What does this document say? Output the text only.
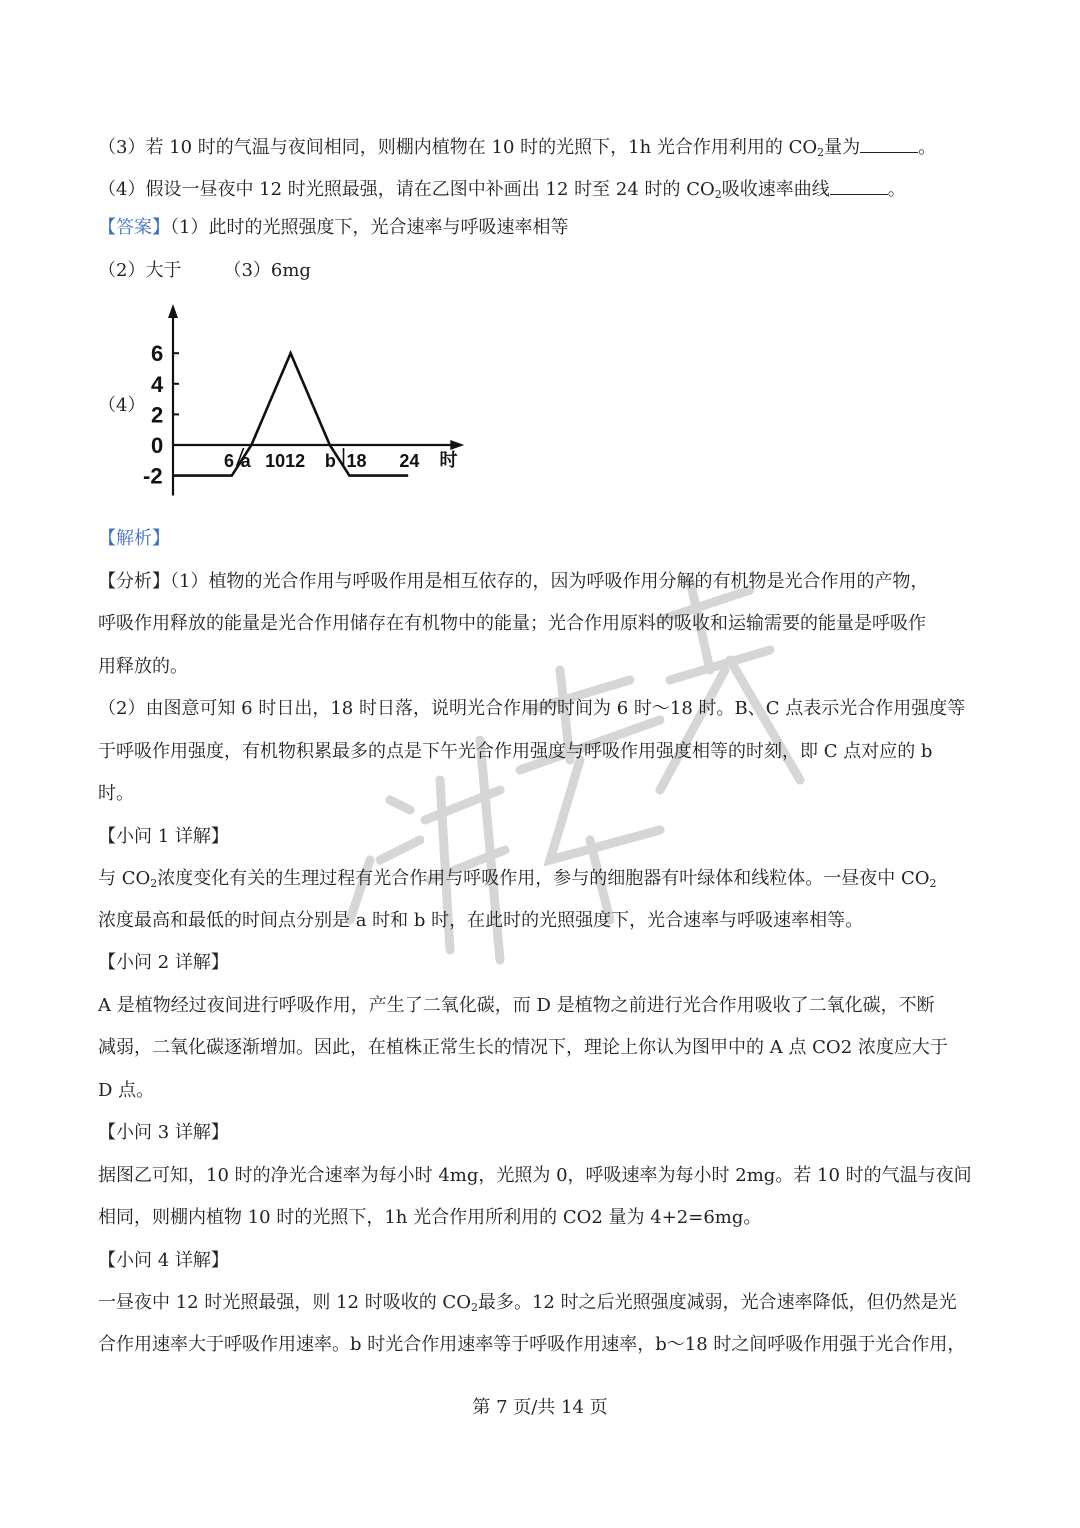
（3）若 10 时的气温与夜间相同，则棚内植物在 10 时的光照下，1h 光合作用利用的 $CO_2$量为	。
（4）假设一昼夜中 12 时光照最强，请在乙图中补画出 12 时至 24 时的 $CO_2$吸收速率曲线	。
【答案】（1）此时的光照强度下，光合速率与呼吸速率相等
（2）大于 （3）6mg
（4）
6
4
2
0
-2
6 a 1012 b 18 24 时
【解析】
【分析】（1）植物的光合作用与呼吸作用是相互依存的，因为呼吸作用分解的有机物是光合作用的产物，
呼吸作用释放的能量是光合作用储存在有机物中的能量；光合作用原料的吸收和运输需要的能量是呼吸作
用释放的。
（2）由图意可知 6 时日出，18 时日落，说明光合作用的时间为 6 时～18 时。B、C 点表示光合作用强度等
于呼吸作用强度，有机物积累最多的点是下午光合作用强度与呼吸作用强度相等的时刻，即 C 点对应的 b
时。
【小问 1 详解】
与 $CO_2$浓度变化有关的生理过程有光合作用与呼吸作用，参与的细胞器有叶绿体和线粒体。一昼夜中 $CO_2$
浓度最高和最低的时间点分别是 a 时和 b 时，在此时的光照强度下，光合速率与呼吸速率相等。
【小问 2 详解】
A 是植物经过夜间进行呼吸作用，产生了二氧化碳，而 D 是植物之前进行光合作用吸收了二氧化碳，不断
减弱，二氧化碳逐渐增加。因此，在植株正常生长的情况下，理论上你认为图甲中的 A 点 CO2 浓度应大于
D 点。
【小问 3 详解】
据图乙可知，10 时的净光合速率为每小时 4mg，光照为 0，呼吸速率为每小时 2mg。若 10 时的气温与夜间
相同，则棚内植物 10 时的光照下，1h 光合作用所利用的 CO2 量为 4+2=6mg。
【小问 4 详解】
一昼夜中 12 时光照最强，则 12 时吸收的 $CO_2$最多。12 时之后光照强度减弱，光合速率降低，但仍然是光
合作用速率大于呼吸作用速率。b 时光合作用速率等于呼吸作用速率，b～18 时之间呼吸作用强于光合作用，
第 7 页/共 14 页
